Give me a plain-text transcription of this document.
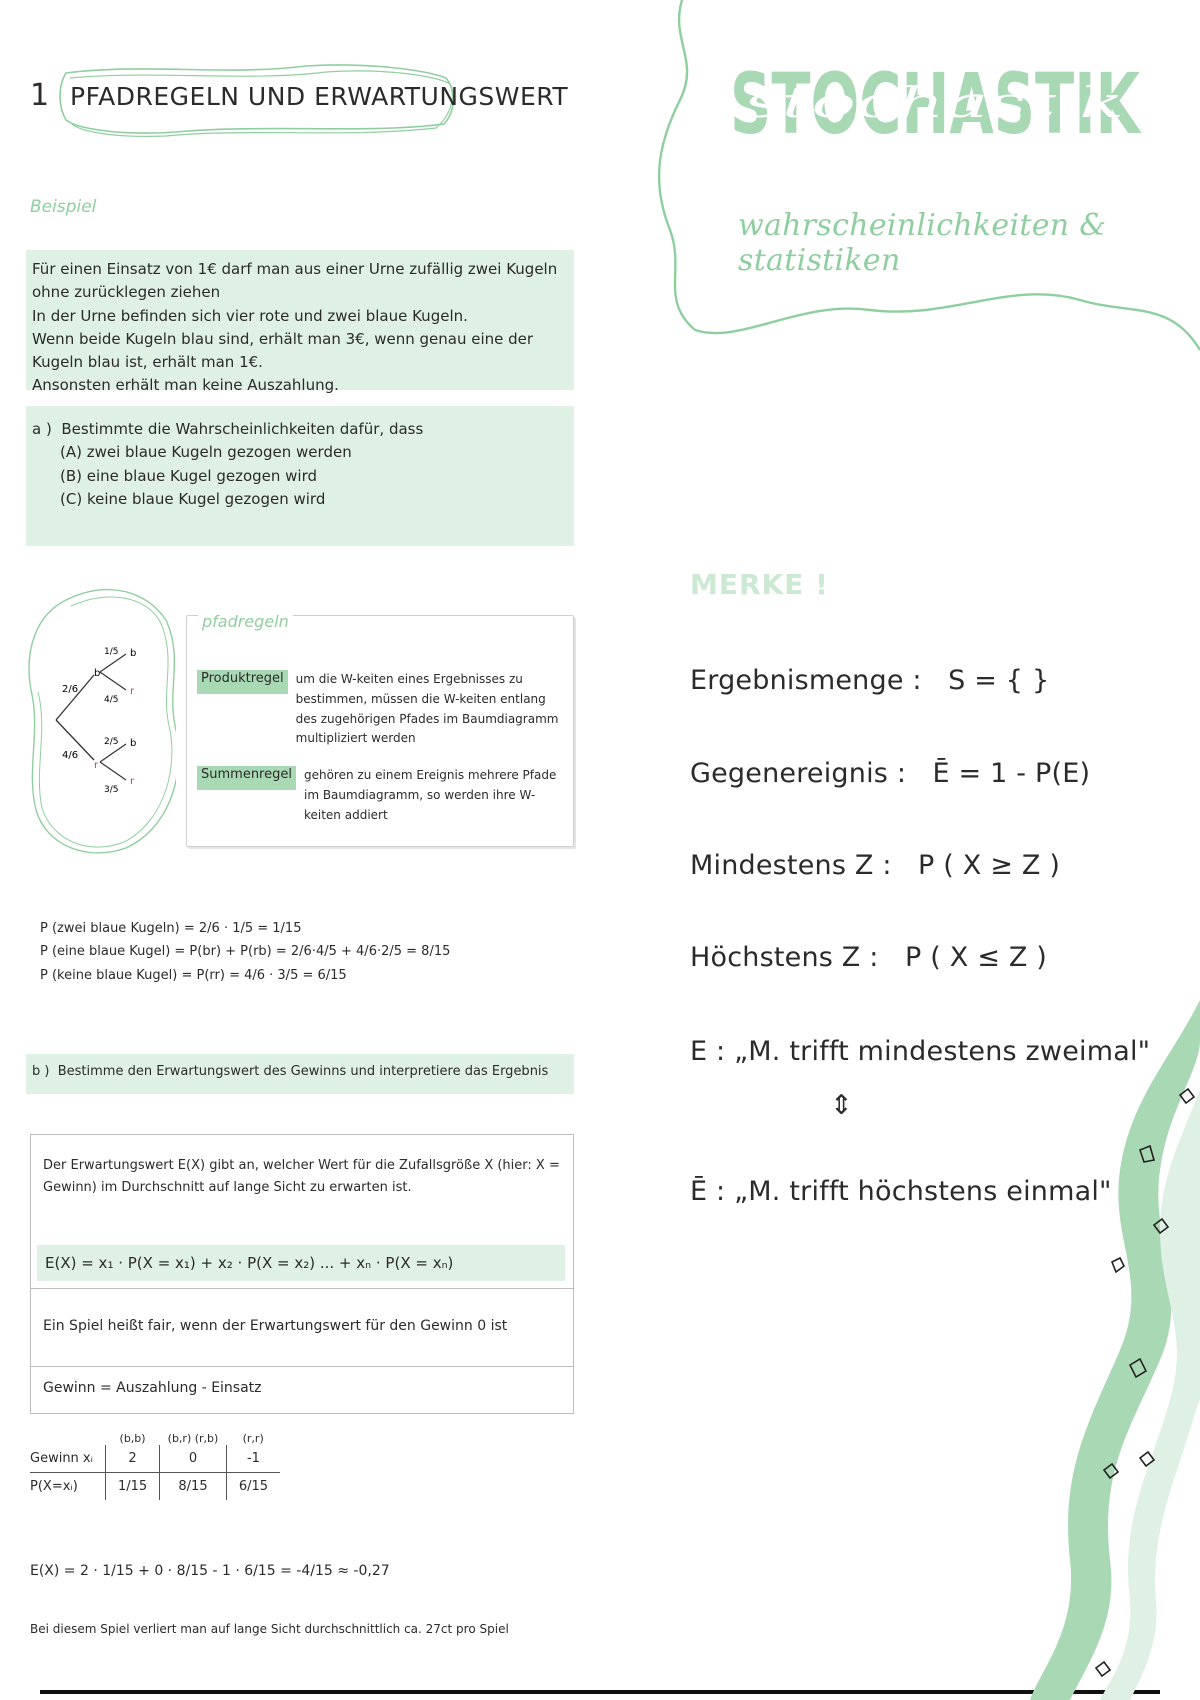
1 PFADREGELN UND ERWARTUNGSWERT
Beispiel
Für einen Einsatz von 1€ darf man aus einer Urne zufällig zwei Kugeln ohne zurücklegen ziehen
In der Urne befinden sich vier rote und zwei blaue Kugeln.
Wenn beide Kugeln blau sind, erhält man 3€, wenn genau eine der Kugeln blau ist, erhält man 1€.
Ansonsten erhält man keine Auszahlung.
a ) Bestimmte die Wahrscheinlichkeiten dafür, dass
(A) zwei blaue Kugeln gezogen werden
(B) eine blaue Kugel gezogen wird
(C) keine blaue Kugel gezogen wird
2/6
4/6
b
r
b
r
b
r
1/5
4/5
2/5
3/5
Produktregel	um die W-keiten eines Ergebnisses zu bestimmen, müssen die W-keiten entlang des zugehörigen Pfades im Baumdiagramm multipliziert werden
Summenregel	gehören zu einem Ereignis mehrere Pfade im Baumdiagramm, so werden ihre W-keiten addiert
pfadregeln
P (zwei blaue Kugeln) = 2/6 · 1/5 = 1/15
P (eine blaue Kugel) = P(br) + P(rb) = 2/6·4/5 + 4/6·2/5 = 8/15
P (keine blaue Kugel) = P(rr) = 4/6 · 3/5 = 6/15
b ) Bestimme den Erwartungswert des Gewinns und interpretiere das Ergebnis
Der Erwartungswert E(X) gibt an, welcher Wert für die Zufallsgröße X (hier: X = Gewinn) im Durchschnitt auf lange Sicht zu erwarten ist.
E(X) = x₁ · P(X = x₁) + x₂ · P(X = x₂) ... + xₙ · P(X = xₙ)
Ein Spiel heißt fair, wenn der Erwartungswert für den Gewinn 0 ist
Gewinn = Auszahlung - Einsatz
	(b,b)	(b,r) (r,b)	(r,r)
Gewinn xᵢ	2	0	-1
P(X=xᵢ)	1/15	8/15	6/15
E(X) = 2 · 1/15 + 0 · 8/15 - 1 · 6/15 = -4/15 ≈ -0,27
Bei diesem Spiel verliert man auf lange Sicht durchschnittlich ca. 27ct pro Spiel
STOCHASTIK
stochastik
wahrscheinlichkeiten & statistiken
MERKE !
Ergebnismenge : S = { }
Gegenereignis : Ē = 1 - P(E)
Mindestens Z : P ( X ≥ Z )
Höchstens Z : P ( X ≤ Z )
E : „M. trifft mindestens zweimal"
⇕
Ē : „M. trifft höchstens einmal"
